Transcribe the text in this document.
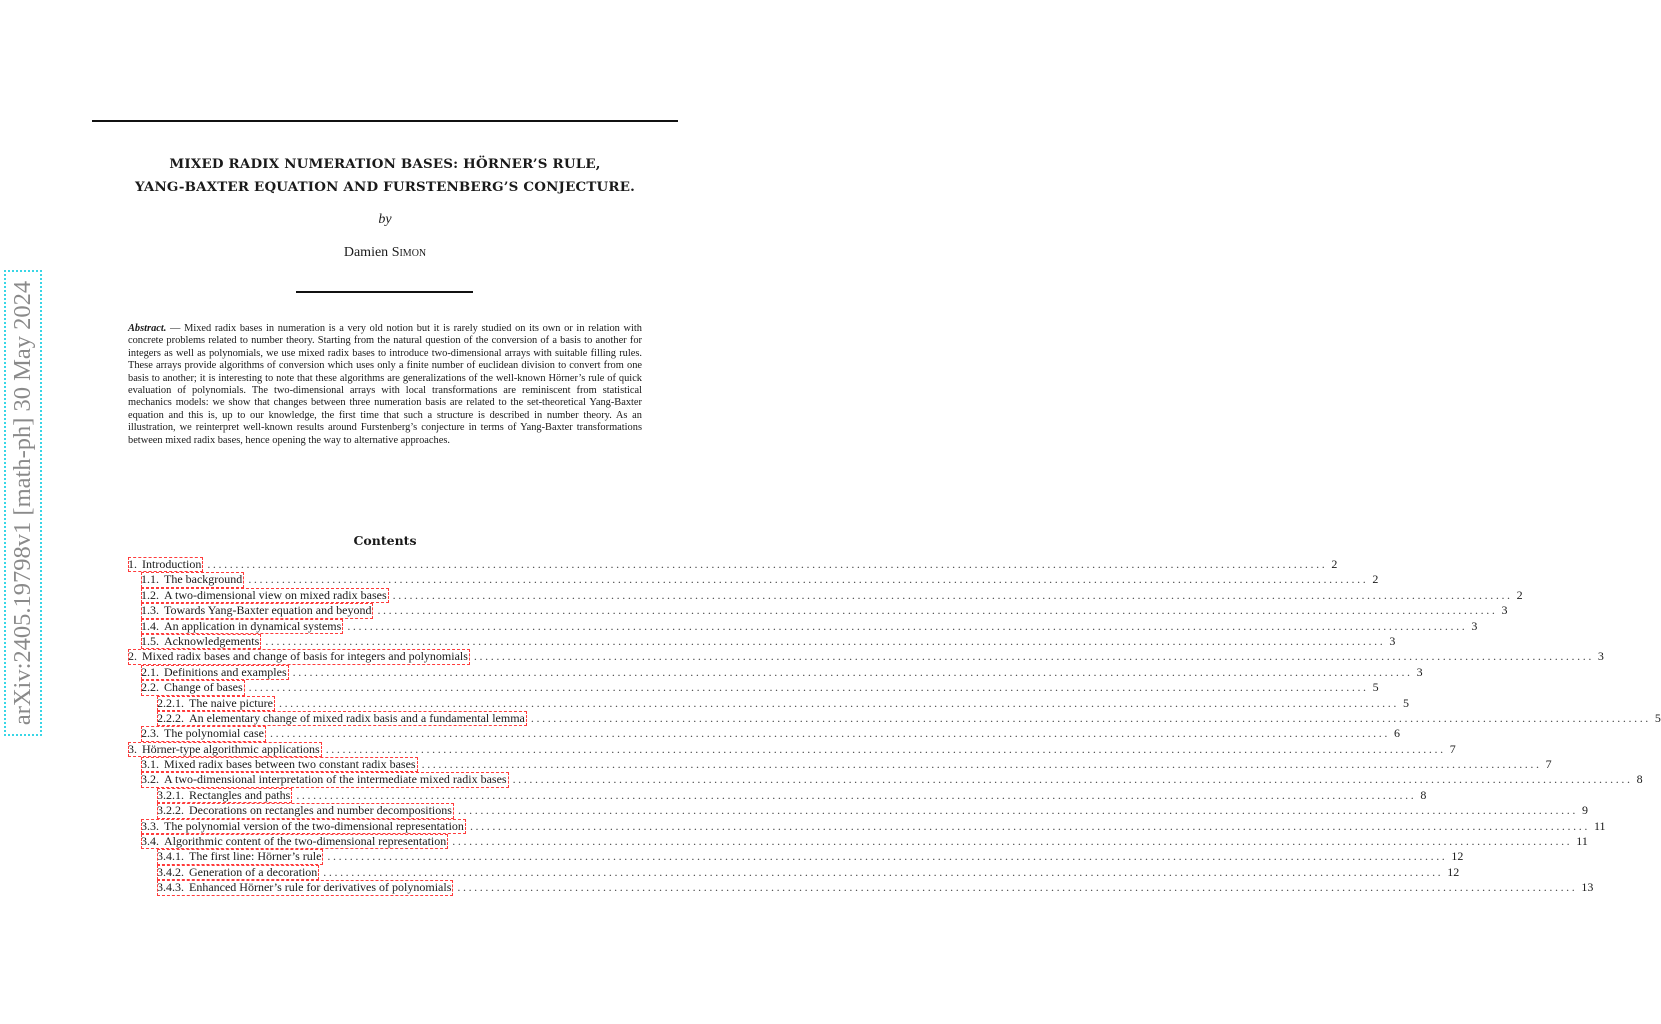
arXiv:2405.19798v1 [math-ph] 30 May 2024
MIXED RADIX NUMERATION BASES: HÖRNER’S RULE,
YANG-BAXTER EQUATION AND FURSTENBERG’S CONJECTURE.
by
Damien Simon
Abstract. — Mixed radix bases in numeration is a very old notion but it is rarely studied on its own or in relation with concrete problems related to number theory. Starting from the natural question of the conversion of a basis to another for integers as well as polynomials, we use mixed radix bases to introduce two-dimensional arrays with suitable filling rules. These arrays provide algorithms of conversion which uses only a finite number of euclidean division to convert from one basis to another; it is interesting to note that these algorithms are generalizations of the well-known Hörner’s rule of quick evaluation of polynomials. The two-dimensional arrays with local transformations are reminiscent from statistical mechanics models: we show that changes between three numeration basis are related to the set-theoretical Yang-Baxter equation and this is, up to our knowledge, the first time that such a structure is described in number theory. As an illustration, we reinterpret well-known results around Furstenberg’s conjecture in terms of Yang-Baxter transformations between mixed radix bases, hence opening the way to alternative approaches.
Contents
1. Introduction ........................................................................................................................................................................................................ 2
1.1. The background ........................................................................................................................................................................................................ 2
1.2. A two-dimensional view on mixed radix bases ........................................................................................................................................................................................................ 2
1.3. Towards Yang-Baxter equation and beyond ........................................................................................................................................................................................................ 3
1.4. An application in dynamical systems ........................................................................................................................................................................................................ 3
1.5. Acknowledgements ........................................................................................................................................................................................................ 3
2. Mixed radix bases and change of basis for integers and polynomials ........................................................................................................................................................................................................ 3
2.1. Definitions and examples ........................................................................................................................................................................................................ 3
2.2. Change of bases ........................................................................................................................................................................................................ 5
2.2.1. The naive picture ........................................................................................................................................................................................................ 5
2.2.2. An elementary change of mixed radix basis and a fundamental lemma ........................................................................................................................................................................................................ 5
2.3. The polynomial case ........................................................................................................................................................................................................ 6
3. Hörner-type algorithmic applications ........................................................................................................................................................................................................ 7
3.1. Mixed radix bases between two constant radix bases ........................................................................................................................................................................................................ 7
3.2. A two-dimensional interpretation of the intermediate mixed radix bases ........................................................................................................................................................................................................ 8
3.2.1. Rectangles and paths ........................................................................................................................................................................................................ 8
3.2.2. Decorations on rectangles and number decompositions ........................................................................................................................................................................................................ 9
3.3. The polynomial version of the two-dimensional representation ........................................................................................................................................................................................................ 11
3.4. Algorithmic content of the two-dimensional representation ........................................................................................................................................................................................................ 11
3.4.1. The first line: Hörner’s rule ........................................................................................................................................................................................................ 12
3.4.2. Generation of a decoration ........................................................................................................................................................................................................ 12
3.4.3. Enhanced Hörner’s rule for derivatives of polynomials ........................................................................................................................................................................................................ 13
